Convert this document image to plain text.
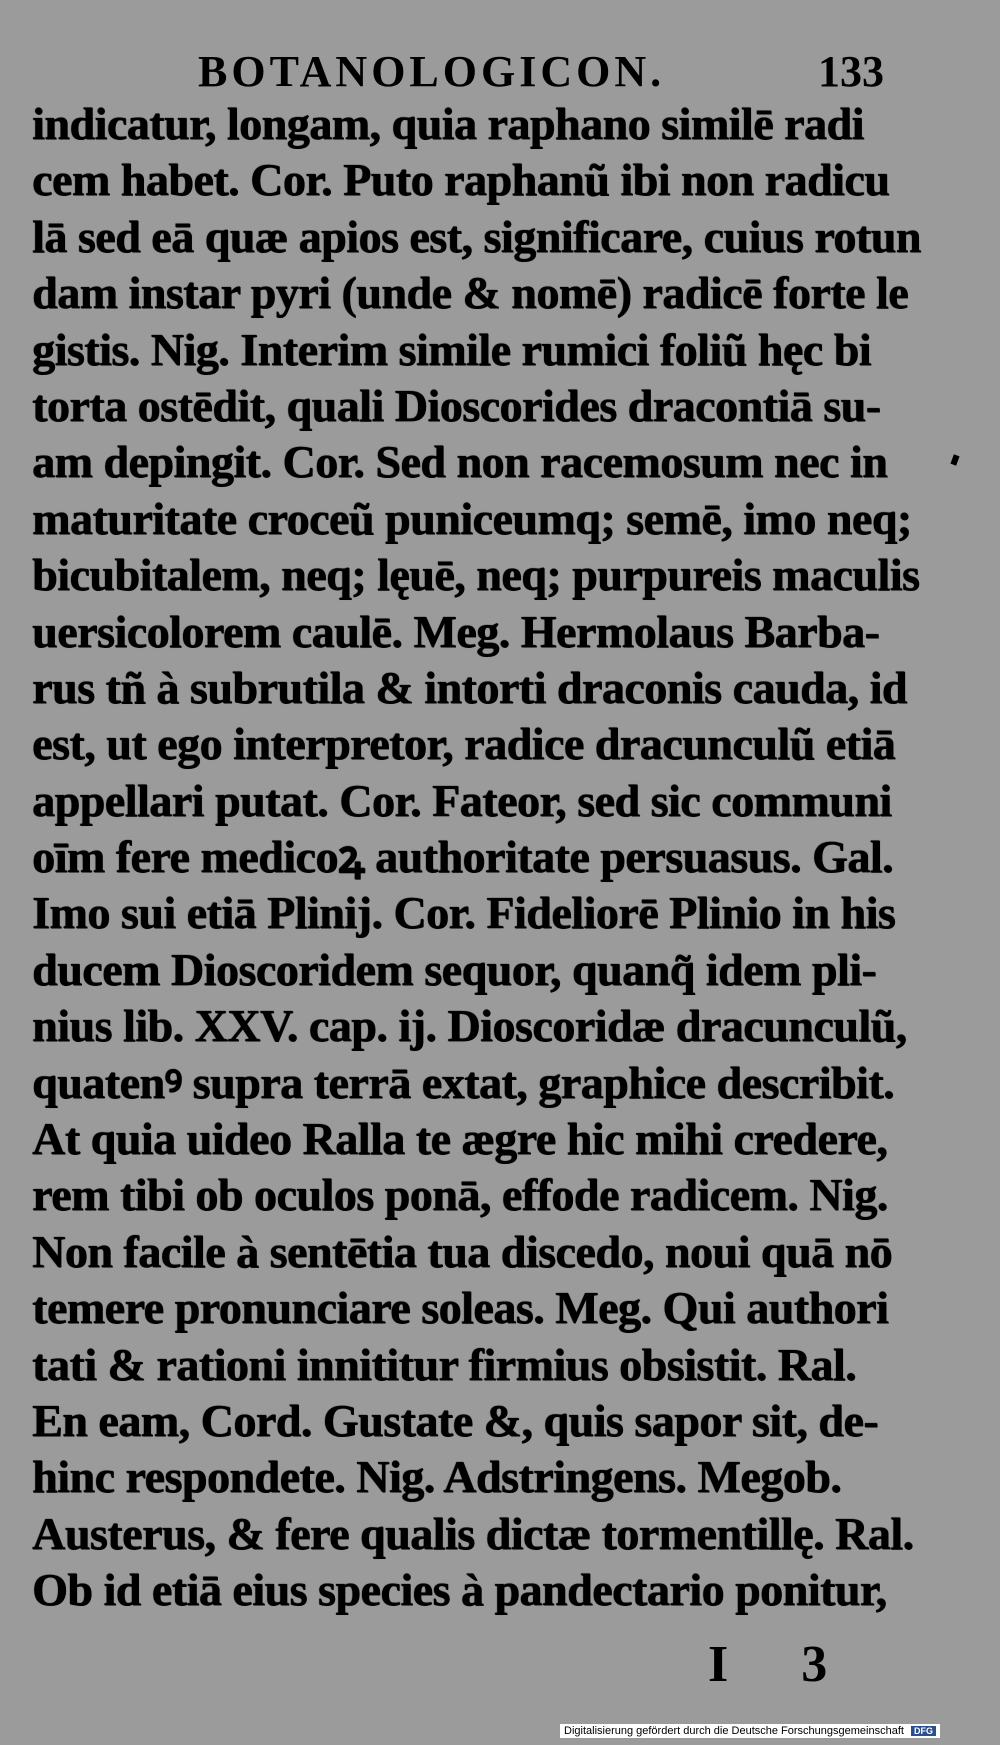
BOTANOLOGICON.	133
indicatur, longam, quia raphano similē radi
cem habet. Cor. Puto raphanũ ibi non radicu
lā sed eā quæ apios est, significare, cuius rotun
dam instar pyri (unde & nomē) radicē forte le
gistis. Nig. Interim simile rumici foliũ hęc bi
torta ostēdit, quali Dioscorides dracontiā su-
am depingit. Cor. Sed non racemosum nec in
maturitate croceũ puniceumq; semē, imo neq;
bicubitalem, neq; lęuē, neq; purpureis maculis
uersicolorem caulē. Meg. Hermolaus Barba-
rus tñ à subrutila & intorti draconis cauda, id
est, ut ego interpretor, radice dracunculũ etiā
appellari putat. Cor. Fateor, sed sic communi
oīm fere medicoꝝ authoritate persuasus. Gal.
Imo sui etiā Plinij. Cor. Fideliorē Plinio in his
ducem Dioscoridem sequor, quanq̃ idem pli-
nius lib. XXV. cap. ij. Dioscoridæ dracunculũ,
quatenꝰ supra terrā extat, graphice describit.
At quia uideo Ralla te ægre hic mihi credere,
rem tibi ob oculos ponā, effode radicem. Nig.
Non facile à sentētia tua discedo, noui quā nō
temere pronunciare soleas. Meg. Qui authori
tati & rationi innititur firmius obsistit. Ral.
En eam, Cord. Gustate &, quis sapor sit, de-
hinc respondete. Nig. Adstringens. Megob.
Austerus, & fere qualis dictæ tormentillę. Ral.
Ob id etiā eius species à pandectario ponitur,
I 3
Digitalisierung gefördert durch die Deutsche Forschungsgemeinschaft DFG
